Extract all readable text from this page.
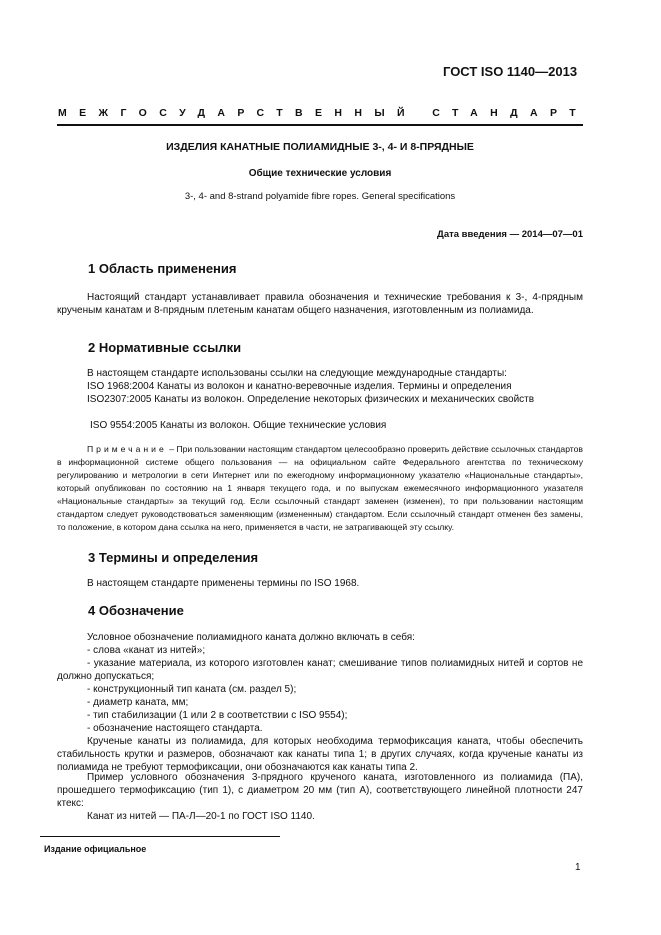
ГОСТ ISO 1140—2013
МЕЖГОСУДАРСТВЕННЫЙ СТАНДАРТ
ИЗДЕЛИЯ КАНАТНЫЕ ПОЛИАМИДНЫЕ 3-, 4- И 8-ПРЯДНЫЕ
Общие технические условия
3-, 4- and 8-strand polyamide fibre ropes. General specifications
Дата введения — 2014—07—01
1 Область применения
Настоящий стандарт устанавливает правила обозначения и технические требования к 3-, 4-прядным крученым канатам и 8-прядным плетеным канатам общего назначения, изготовленным из полиамида.
2 Нормативные ссылки
В настоящем стандарте использованы ссылки на следующие международные стандарты:
ISO 1968:2004 Канаты из волокон и канатно-веревочные изделия. Термины и определения
ISO2307:2005 Канаты из волокон. Определение некоторых физических и механических свойств
ISO 9554:2005 Канаты из волокон. Общие технические условия
Примечание – При пользовании настоящим стандартом целесообразно проверить действие ссылочных стандартов в информационной системе общего пользования — на официальном сайте Федерального агентства по техническому регулированию и метрологии в сети Интернет или по ежегодному информационному указателю «Национальные стандарты», который опубликован по состоянию на 1 января текущего года, и по выпускам ежемесячного информационного указателя «Национальные стандарты» за текущий год. Если ссылочный стандарт заменен (изменен), то при пользовании настоящим стандартом следует руководствоваться заменяющим (измененным) стандартом. Если ссылочный стандарт отменен без замены, то положение, в котором дана ссылка на него, применяется в части, не затрагивающей эту ссылку.
3 Термины и определения
В настоящем стандарте применены термины по ISO 1968.
4 Обозначение
Условное обозначение полиамидного каната должно включать в себя:
- слова «канат из нитей»;
- указание материала, из которого изготовлен канат; смешивание типов полиамидных нитей и сортов не должно допускаться;
- конструкционный тип каната (см. раздел 5);
- диаметр каната, мм;
- тип стабилизации (1 или 2 в соответствии с ISO 9554);
- обозначение настоящего стандарта.
Крученые канаты из полиамида, для которых необходима термофиксация каната, чтобы обеспечить стабильность крутки и размеров, обозначают как канаты типа 1; в других случаях, когда крученые канаты из полиамида не требуют термофиксации, они обозначаются как канаты типа 2.
Пример условного обозначения 3-прядного крученого каната, изготовленного из полиамида (ПА), прошедшего термофиксацию (тип 1), с диаметром 20 мм (тип А), соответствующего линейной плотности 247 ктекс:
Канат из нитей — ПА-Л—20-1 по ГОСТ ISO 1140.
Издание официальное
1
